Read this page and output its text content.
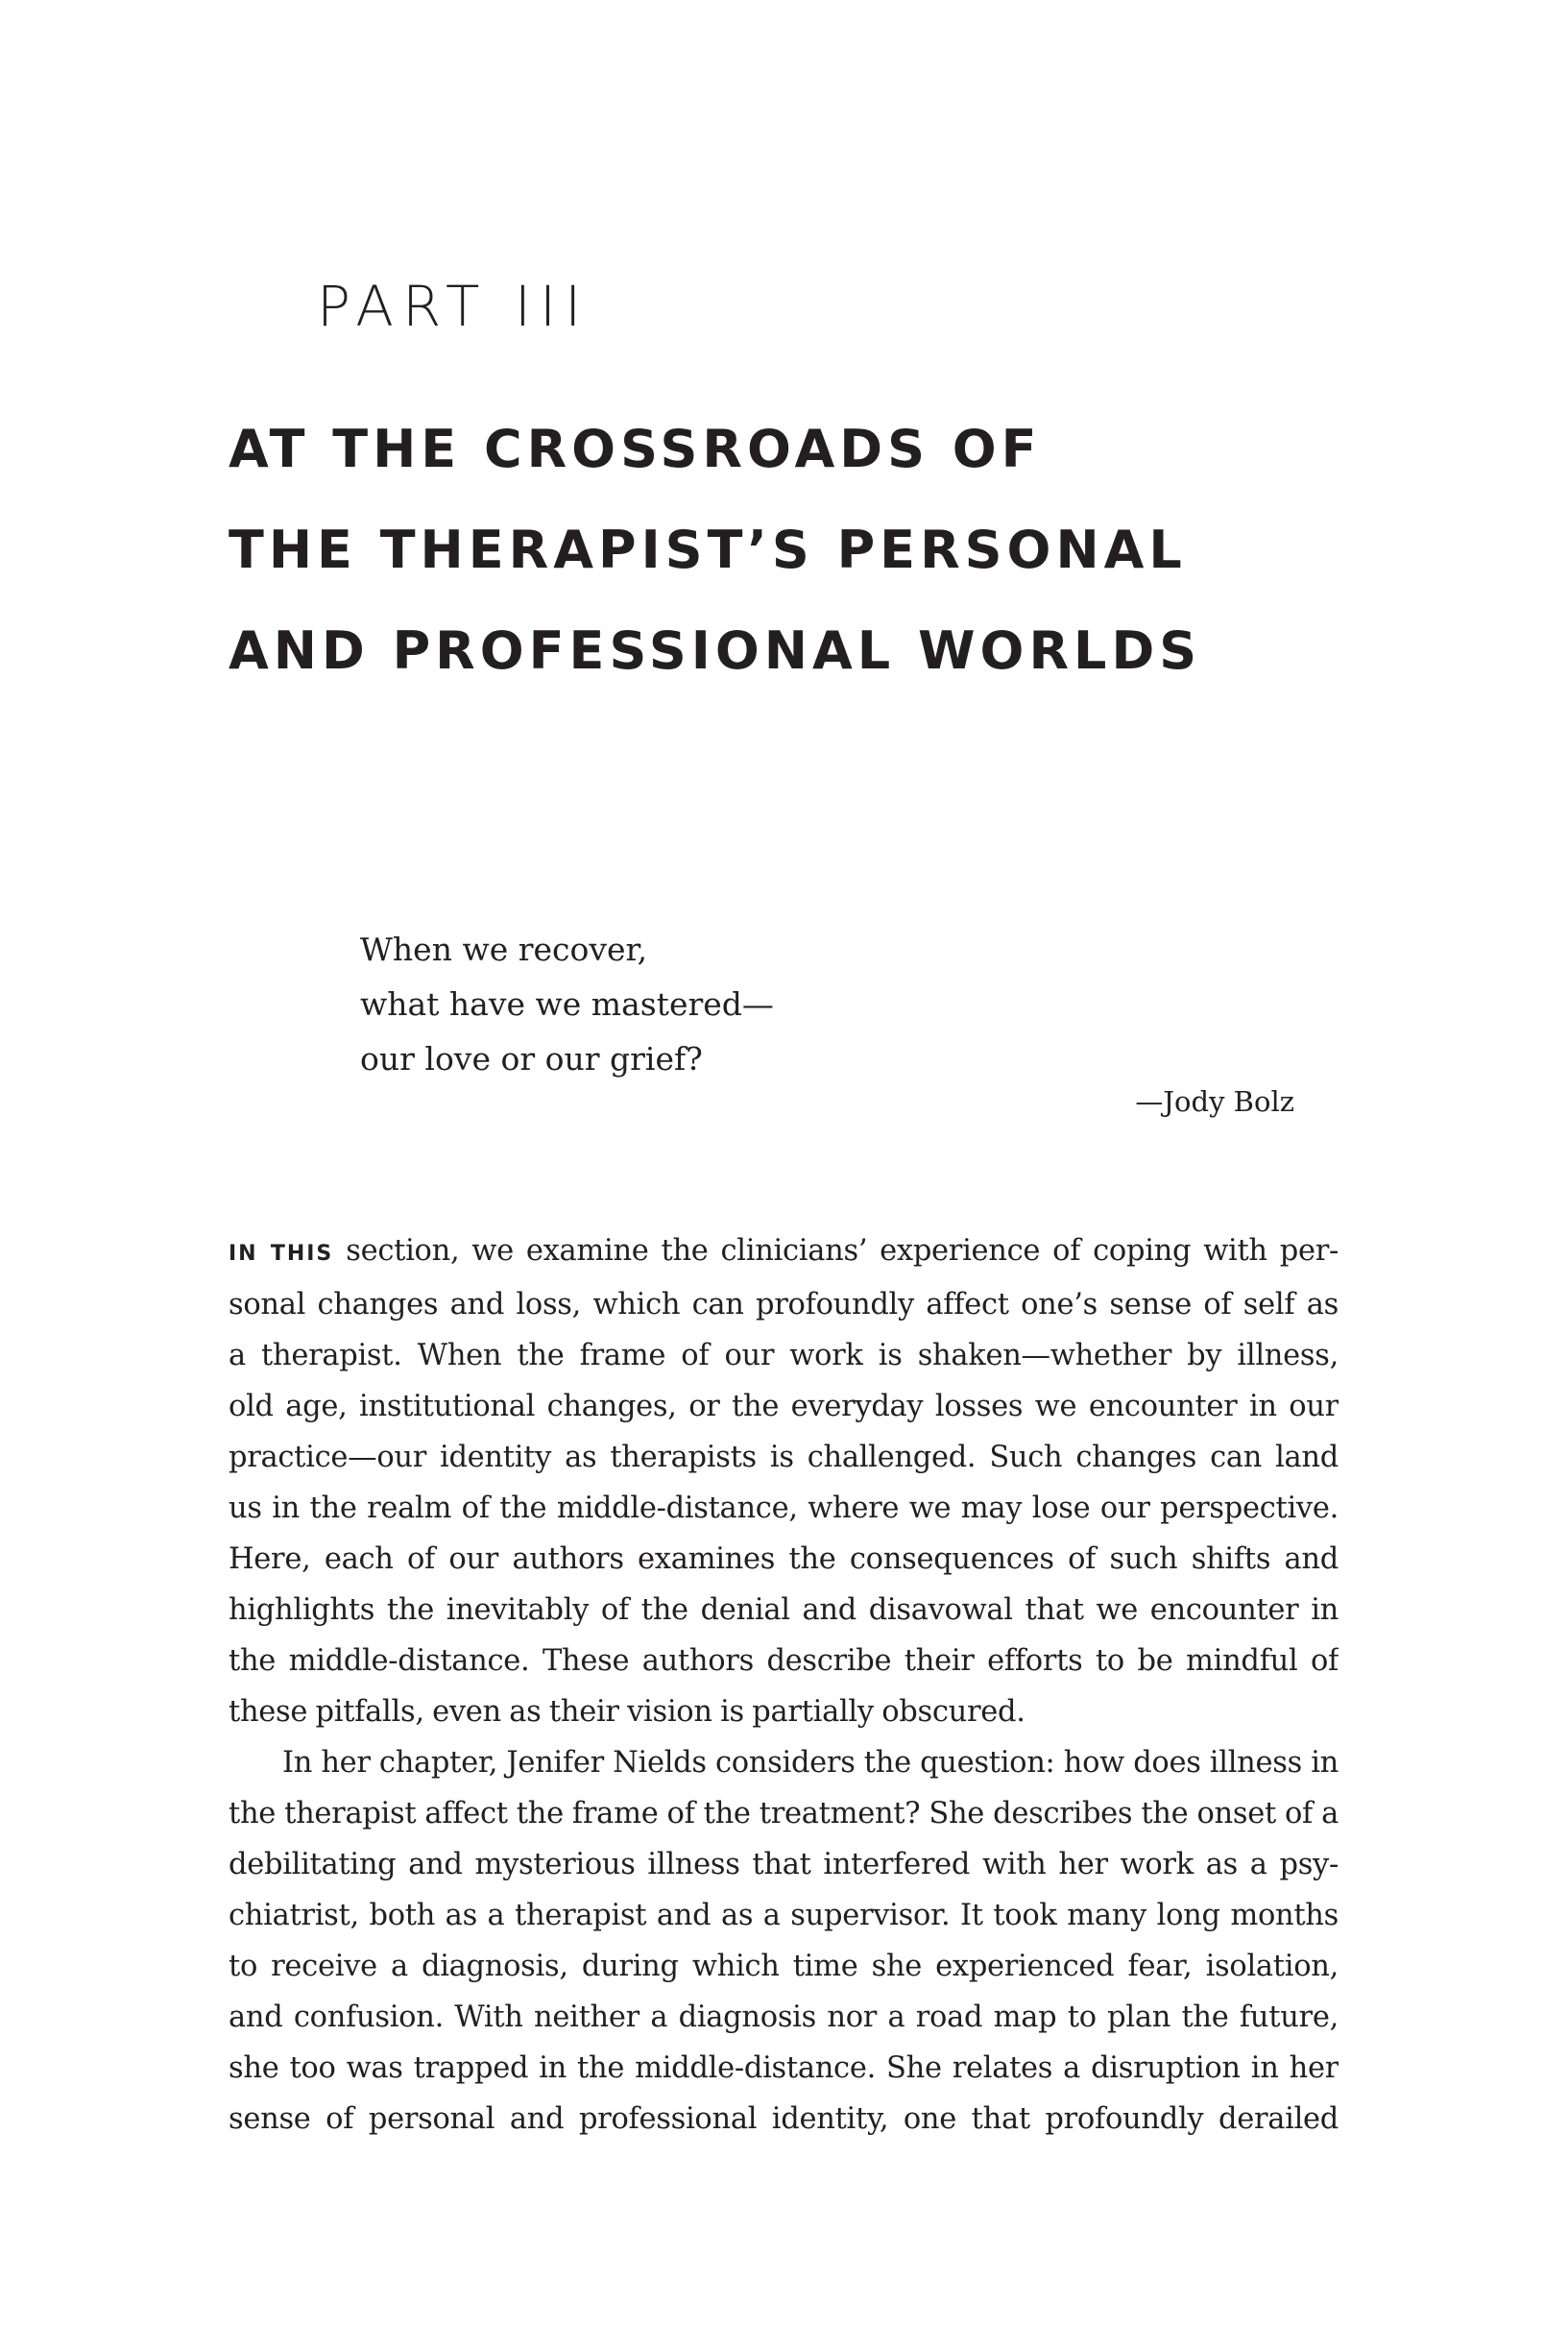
PART III
AT THE CROSSROADS OF
THE THERAPIST’S PERSONAL
AND PROFESSIONAL WORLDS
When we recover,
what have we mastered—
our love or our grief?
—Jody Bolz
IN THIS section, we examine the clinicians’ experience of coping with per-
sonal changes and loss, which can profoundly affect one’s sense of self as
a therapist. When the frame of our work is shaken—whether by illness,
old age, institutional changes, or the everyday losses we encounter in our
practice—our identity as therapists is challenged. Such changes can land
us in the realm of the middle-distance, where we may lose our perspective.
Here, each of our authors examines the consequences of such shifts and
highlights the inevitably of the denial and disavowal that we encounter in
the middle-distance. These authors describe their efforts to be mindful of
these pitfalls, even as their vision is partially obscured.
In her chapter, Jenifer Nields considers the question: how does illness in
the therapist affect the frame of the treatment? She describes the onset of a
debilitating and mysterious illness that interfered with her work as a psy-
chiatrist, both as a therapist and as a supervisor. It took many long months
to receive a diagnosis, during which time she experienced fear, isolation,
and confusion. With neither a diagnosis nor a road map to plan the future,
she too was trapped in the middle-distance. She relates a disruption in her
sense of personal and professional identity, one that profoundly derailed
